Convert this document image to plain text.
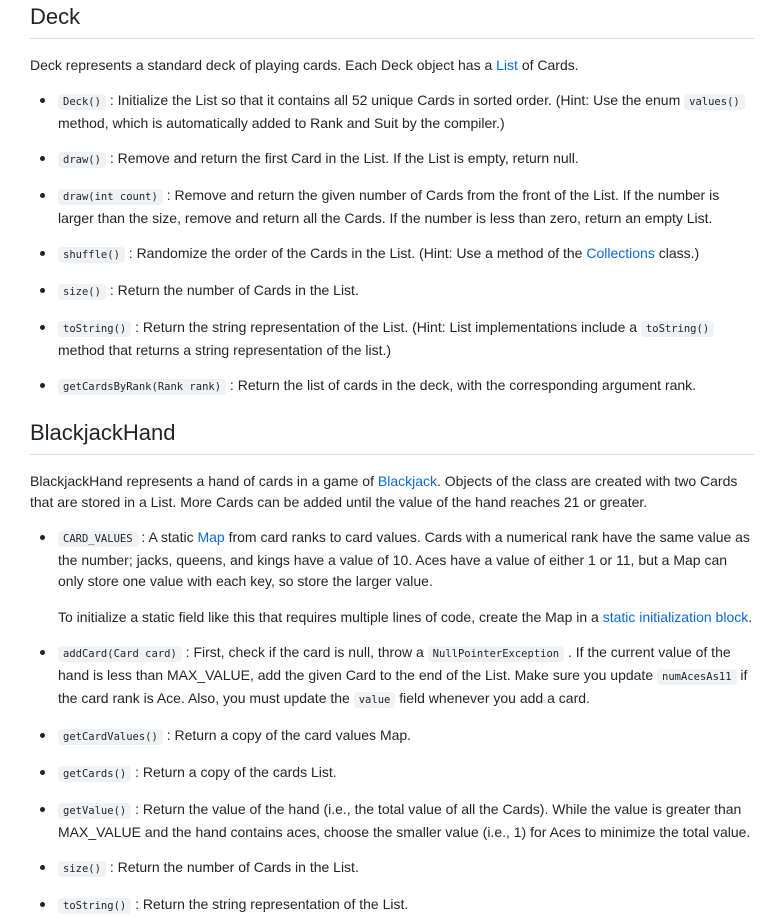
Deck

Deck represents a standard deck of playing cards. Each Deck object has a List of Cards.

Deck() : Initialize the List so that it contains all 52 unique Cards in sorted order. (Hint: Use the enum values() method, which is automatically added to Rank and Suit by the compiler.)
draw() : Remove and return the first Card in the List. If the List is empty, return null.
draw(int count) : Remove and return the given number of Cards from the front of the List. If the number is larger than the size, remove and return all the Cards. If the number is less than zero, return an empty List.
shuffle() : Randomize the order of the Cards in the List. (Hint: Use a method of the Collections class.)
size() : Return the number of Cards in the List.
toString() : Return the string representation of the List. (Hint: List implementations include a toString() method that returns a string representation of the list.)
getCardsByRank(Rank rank) : Return the list of cards in the deck, with the corresponding argument rank.
BlackjackHand

BlackjackHand represents a hand of cards in a game of Blackjack. Objects of the class are created with two Cards that are stored in a List. More Cards can be added until the value of the hand reaches 21 or greater.

CARD_VALUES : A static Map from card ranks to card values. Cards with a numerical rank have the same value as the number; jacks, queens, and kings have a value of 10. Aces have a value of either 1 or 11, but a Map can only store one value with each key, so store the larger value.

To initialize a static field like this that requires multiple lines of code, create the Map in a static initialization block.

addCard(Card card) : First, check if the card is null, throw a NullPointerException . If the current value of the hand is less than MAX_VALUE, add the given Card to the end of the List. Make sure you update numAcesAs11 if the card rank is Ace. Also, you must update the value field whenever you add a card.
getCardValues() : Return a copy of the card values Map.
getCards() : Return a copy of the cards List.
getValue() : Return the value of the hand (i.e., the total value of all the Cards). While the value is greater than MAX_VALUE and the hand contains aces, choose the smaller value (i.e., 1) for Aces to minimize the total value.
size() : Return the number of Cards in the List.
toString() : Return the string representation of the List.
